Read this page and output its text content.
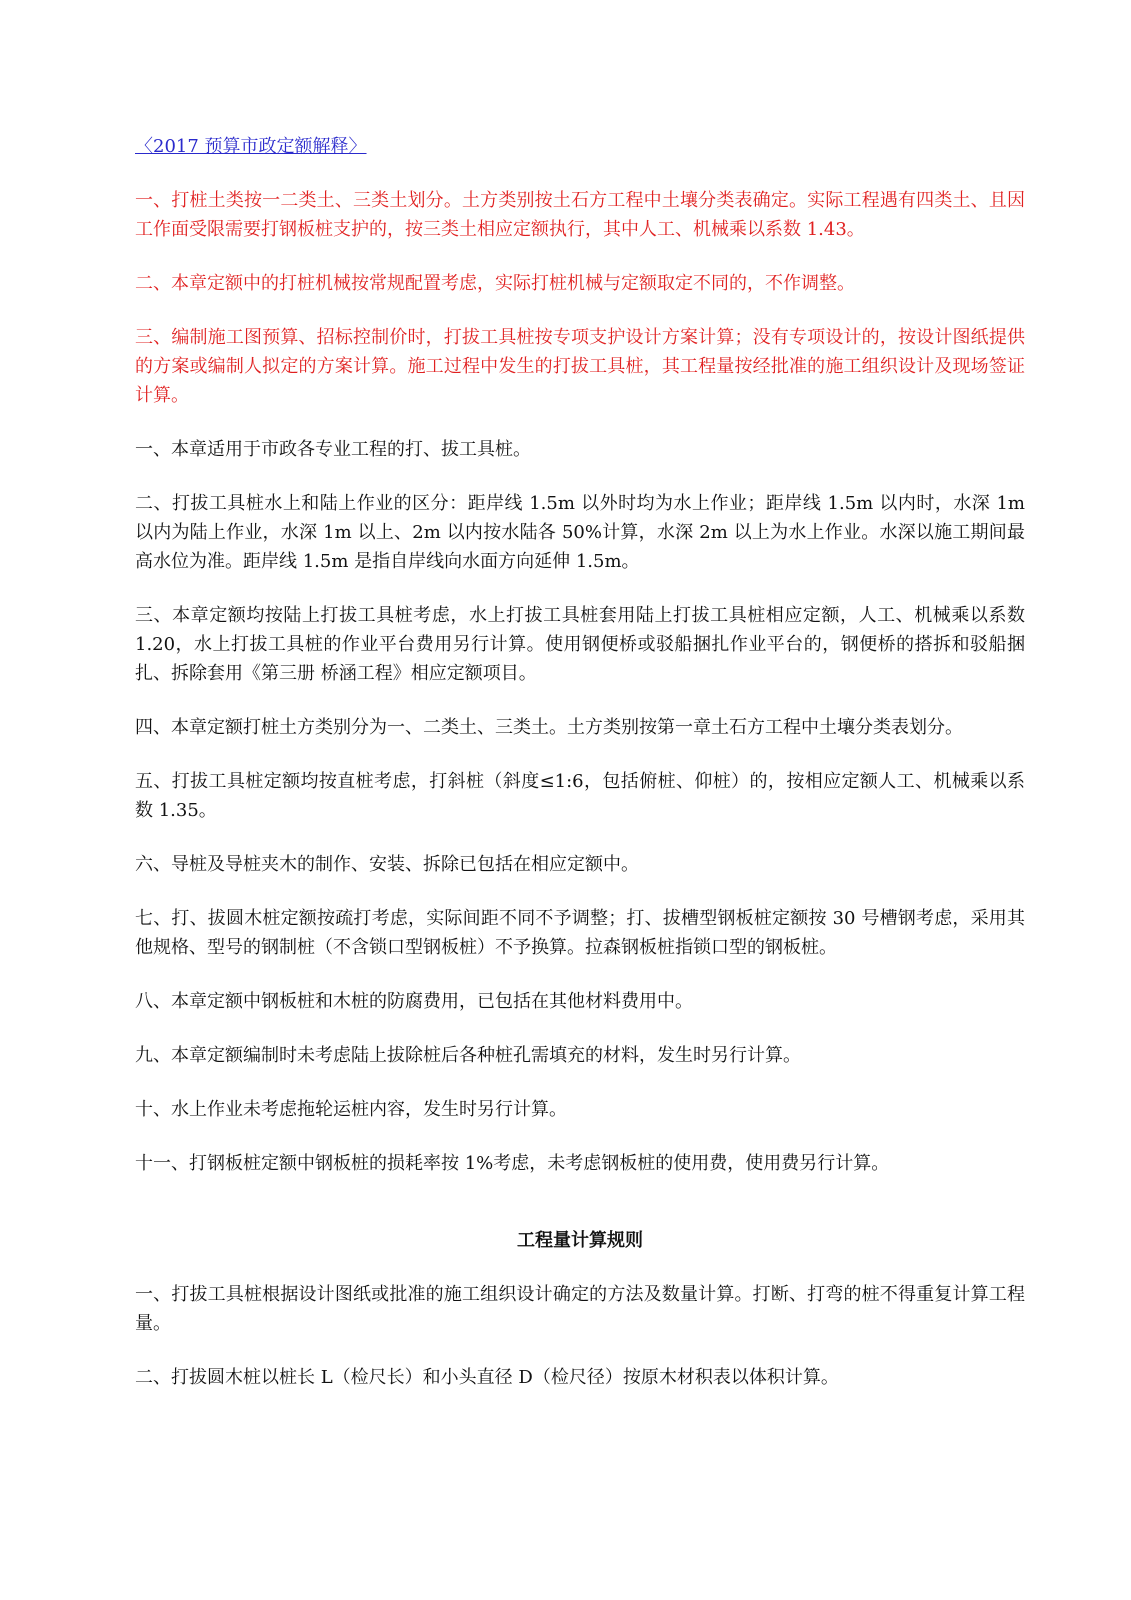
〈2017 预算市政定额解释〉

一、打桩土类按一二类土、三类土划分。土方类别按土石方工程中土壤分类表确定。实际工程遇有四类土、且因工作面受限需要打钢板桩支护的，按三类土相应定额执行，其中人工、机械乘以系数 1.43。

二、本章定额中的打桩机械按常规配置考虑，实际打桩机械与定额取定不同的，不作调整。

三、编制施工图预算、招标控制价时，打拔工具桩按专项支护设计方案计算；没有专项设计的，按设计图纸提供的方案或编制人拟定的方案计算。施工过程中发生的打拔工具桩，其工程量按经批准的施工组织设计及现场签证计算。

一、本章适用于市政各专业工程的打、拔工具桩。

二、打拔工具桩水上和陆上作业的区分：距岸线 1.5m 以外时均为水上作业；距岸线 1.5m 以内时，水深 1m 以内为陆上作业，水深 1m 以上、2m 以内按水陆各 50%计算，水深 2m 以上为水上作业。水深以施工期间最高水位为准。距岸线 1.5m 是指自岸线向水面方向延伸 1.5m。

三、本章定额均按陆上打拔工具桩考虑，水上打拔工具桩套用陆上打拔工具桩相应定额，人工、机械乘以系数 1.20，水上打拔工具桩的作业平台费用另行计算。使用钢便桥或驳船捆扎作业平台的，钢便桥的搭拆和驳船捆扎、拆除套用《第三册 桥涵工程》相应定额项目。

四、本章定额打桩土方类别分为一、二类土、三类土。土方类别按第一章土石方工程中土壤分类表划分。

五、打拔工具桩定额均按直桩考虑，打斜桩（斜度≤1:6，包括俯桩、仰桩）的，按相应定额人工、机械乘以系数 1.35。

六、导桩及导桩夹木的制作、安装、拆除已包括在相应定额中。

七、打、拔圆木桩定额按疏打考虑，实际间距不同不予调整；打、拔槽型钢板桩定额按 30 号槽钢考虑，采用其他规格、型号的钢制桩（不含锁口型钢板桩）不予换算。拉森钢板桩指锁口型的钢板桩。

八、本章定额中钢板桩和木桩的防腐费用，已包括在其他材料费用中。

九、本章定额编制时未考虑陆上拔除桩后各种桩孔需填充的材料，发生时另行计算。

十、水上作业未考虑拖轮运桩内容，发生时另行计算。

十一、打钢板桩定额中钢板桩的损耗率按 1%考虑，未考虑钢板桩的使用费，使用费另行计算。

工程量计算规则

一、打拔工具桩根据设计图纸或批准的施工组织设计确定的方法及数量计算。打断、打弯的桩不得重复计算工程量。

二、打拔圆木桩以桩长 L（检尺长）和小头直径 D（检尺径）按原木材积表以体积计算。
